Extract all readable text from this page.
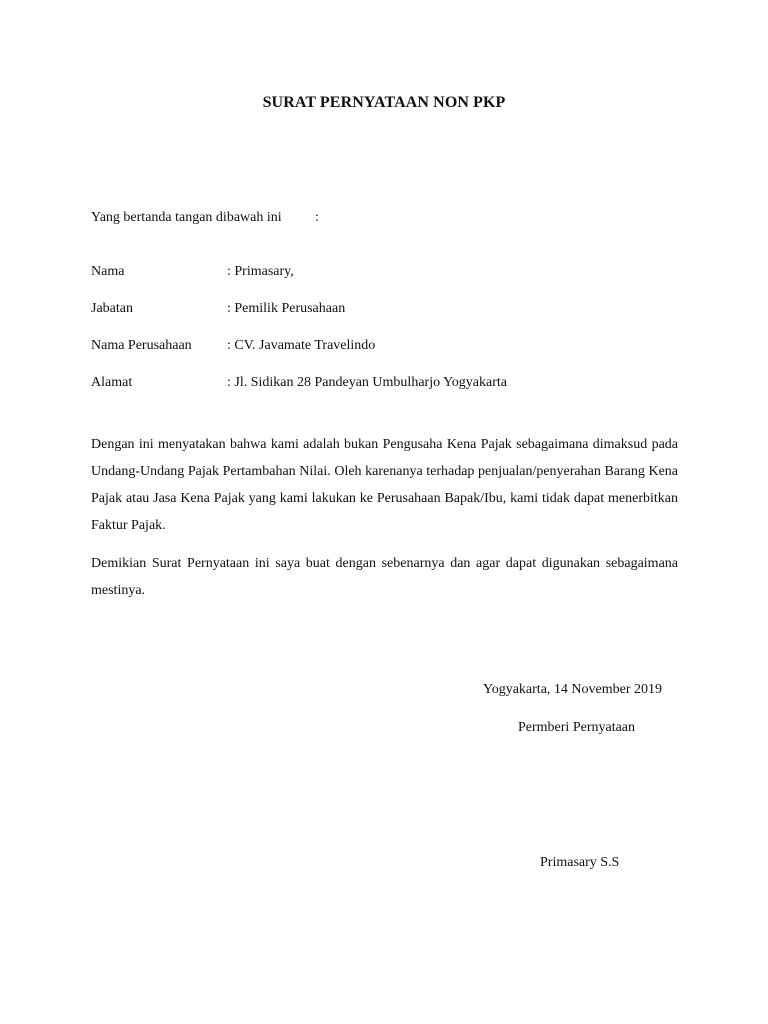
SURAT PERNYATAAN NON PKP
Yang bertanda tangan dibawah ini :
Nama	: Primasary,
Jabatan	: Pemilik Perusahaan
Nama Perusahaan	: CV. Javamate Travelindo
Alamat	: Jl. Sidikan 28 Pandeyan Umbulharjo Yogyakarta
Dengan ini menyatakan bahwa kami adalah bukan Pengusaha Kena Pajak sebagaimana dimaksud pada Undang-Undang Pajak Pertambahan Nilai. Oleh karenanya terhadap penjualan/penyerahan Barang Kena Pajak atau Jasa Kena Pajak yang kami lakukan ke Perusahaan Bapak/Ibu, kami tidak dapat menerbitkan Faktur Pajak.
Demikian Surat Pernyataan ini saya buat dengan sebenarnya dan agar dapat digunakan sebagaimana mestinya.
Yogyakarta, 14 November 2019
Permberi Pernyataan
Primasary S.S
